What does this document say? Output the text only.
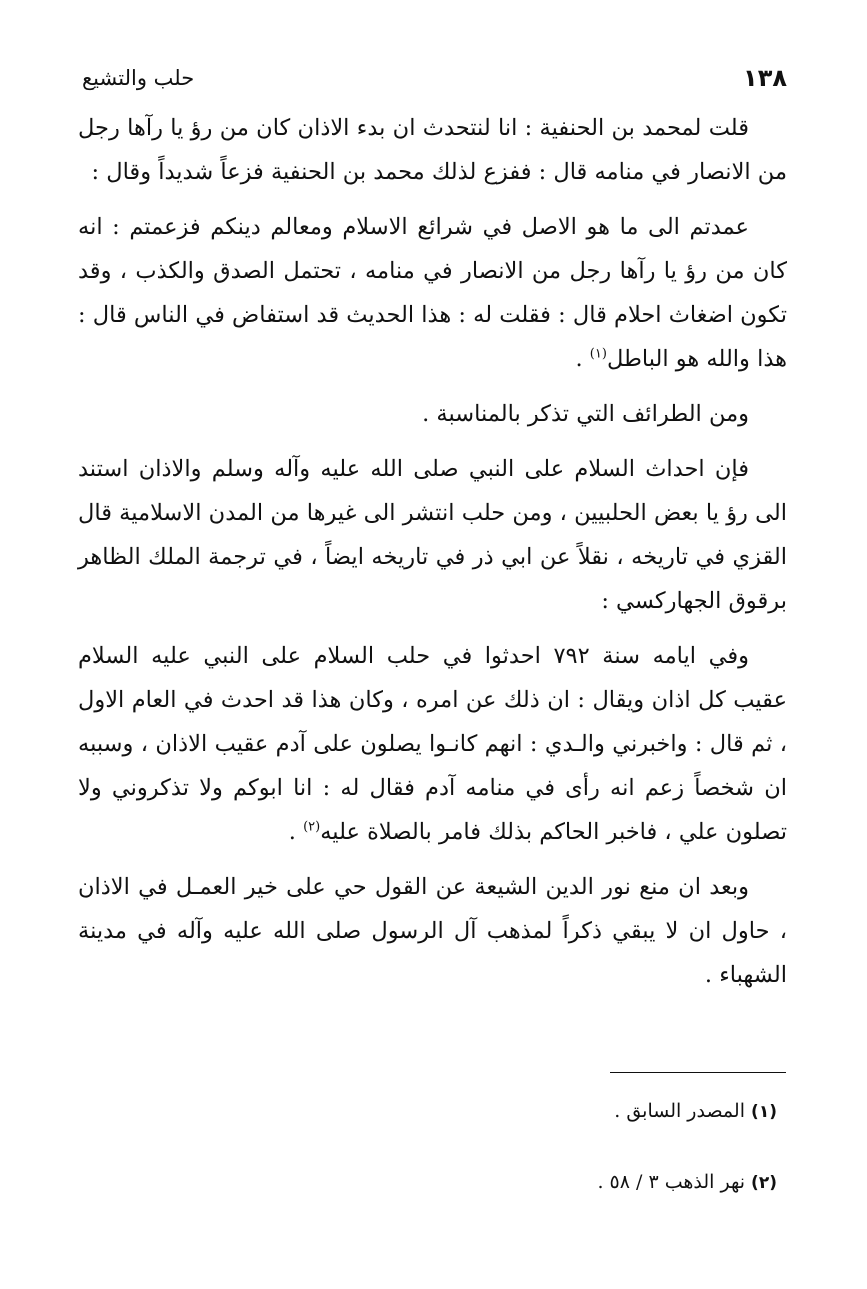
١٣٨
حلب والتشيع

قلت لمحمد بن الحنفية : انا لنتحدث ان بدء الاذان كان من رؤ يا رآها رجل من الانصار في منامه قال : ففزع لذلك محمد بن الحنفية فزعاً شديداً وقال :

عمدتم الى ما هو الاصل في شرائع الاسلام ومعالم دينكم فزعمتم : انه كان من رؤ يا رآها رجل من الانصار في منامه ، تحتمل الصدق والكذب ، وقد تكون اضغاث احلام قال : فقلت له : هذا الحديث قد استفاض في الناس قال : هذا والله هو الباطل$^{(١)}$ .

ومن الطرائف التي تذكر بالمناسبة .

فإن احداث السلام على النبي صلى الله عليه وآله وسلم والاذان استند الى رؤ يا بعض الحلبيين ، ومن حلب انتشر الى غيرها من المدن الاسلامية قال القزي في تاريخه ، نقلاً عن ابي ذر في تاريخه ايضاً ، في ترجمة الملك الظاهر برقوق الجهاركسي :

وفي ايامه سنة ٧٩٢ احدثوا في حلب السلام على النبي عليه السلام عقيب كل اذان ويقال : ان ذلك عن امره ، وكان هذا قد احدث في العام الاول ، ثم قال : واخبرني والـدي : انهم كانـوا يصلون على آدم عقيب الاذان ، وسببه ان شخصاً زعم انه رأى في منامه آدم فقال له : انا ابوكم ولا تذكروني ولا تصلون علي ، فاخبر الحاكم بذلك فامر بالصلاة عليه$^{(٢)}$ .

وبعد ان منع نور الدين الشيعة عن القول حي على خير العمـل في الاذان ، حاول ان لا يبقي ذكراً لمذهب آل الرسول صلى الله عليه وآله في مدينة الشهباء .

(١) المصدر السابق .
(٢) نهر الذهب ٣ / ٥٨ .
